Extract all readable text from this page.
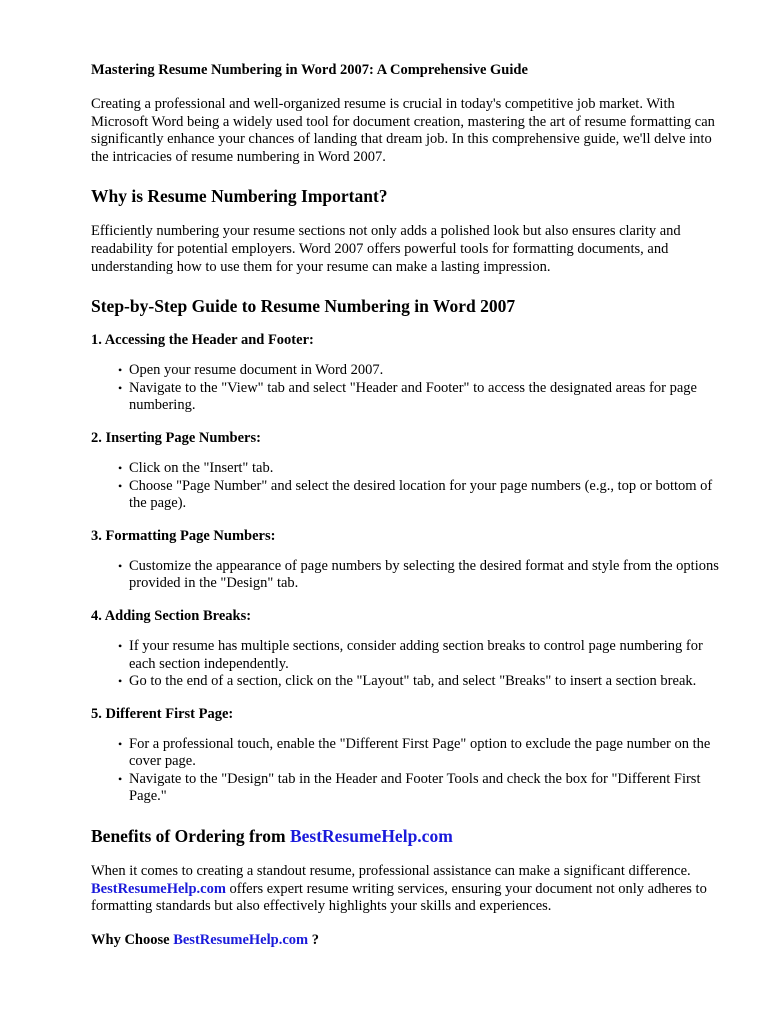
Mastering Resume Numbering in Word 2007: A Comprehensive Guide

Creating a professional and well-organized resume is crucial in today's competitive job market. With Microsoft Word being a widely used tool for document creation, mastering the art of resume formatting can significantly enhance your chances of landing that dream job. In this comprehensive guide, we'll delve into the intricacies of resume numbering in Word 2007.

Why is Resume Numbering Important?

Efficiently numbering your resume sections not only adds a polished look but also ensures clarity and readability for potential employers. Word 2007 offers powerful tools for formatting documents, and understanding how to use them for your resume can make a lasting impression.

Step-by-Step Guide to Resume Numbering in Word 2007
1. Accessing the Header and Footer:
• Open your resume document in Word 2007.
• Navigate to the "View" tab and select "Header and Footer" to access the designated areas for page numbering.
2. Inserting Page Numbers:
• Click on the "Insert" tab.
• Choose "Page Number" and select the desired location for your page numbers (e.g., top or bottom of the page).
3. Formatting Page Numbers:
• Customize the appearance of page numbers by selecting the desired format and style from the options provided in the "Design" tab.
4. Adding Section Breaks:
• If your resume has multiple sections, consider adding section breaks to control page numbering for each section independently.
• Go to the end of a section, click on the "Layout" tab, and select "Breaks" to insert a section break.
5. Different First Page:
• For a professional touch, enable the "Different First Page" option to exclude the page number on the cover page.
• Navigate to the "Design" tab in the Header and Footer Tools and check the box for "Different First Page."
Benefits of Ordering from BestResumeHelp.com

When it comes to creating a standout resume, professional assistance can make a significant difference. BestResumeHelp.com offers expert resume writing services, ensuring your document not only adheres to formatting standards but also effectively highlights your skills and experiences.

Why Choose BestResumeHelp.com ?
